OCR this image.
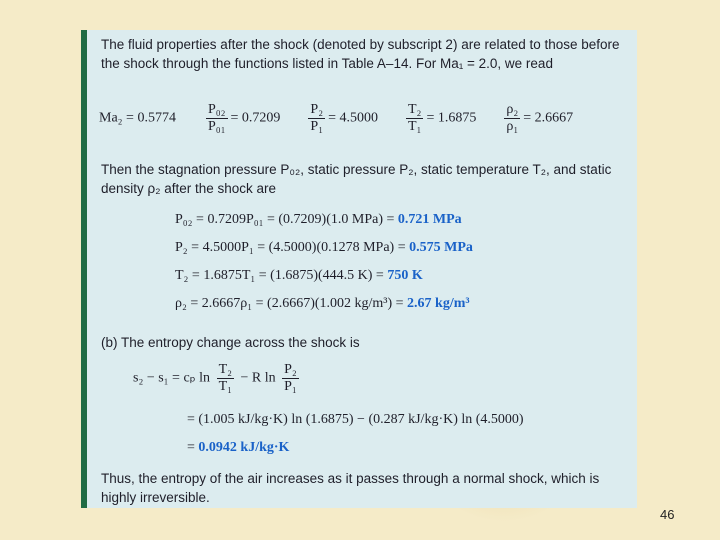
The fluid properties after the shock (denoted by subscript 2) are related to those before the shock through the functions listed in Table A–14. For Ma₁ = 2.0, we read
$Ma_2 = 0.5774 \frac{\text{P₀₂}}{\text{P₀₁}} = 0.7209 \frac{\text{P₂}}{\text{P₁}} = 4.5000 \frac{\text{T₂}}{\text{T₁}} = 1.6875 \frac{\text{ρ₂}}{\text{ρ₁}} = 2.6667$
Then the stagnation pressure P₀₂, static pressure P₂, static temperature T₂, and static density ρ₂ after the shock are
P₀₂ = 0.7209P₀₁ = (0.7209)(1.0 MPa) = 0.721 MPa
P₂ = 4.5000P₁ = (4.5000)(0.1278 MPa) = 0.575 MPa
T₂ = 1.6875T₁ = (1.6875)(444.5 K) = 750 K
ρ₂ = 2.6667ρ₁ = (2.6667)(1.002 kg/m³) = 2.67 kg/m³
(b) The entropy change across the shock is
s₂ − s₁ = cₚ $\ln \frac{\text{T₂}}{\text{T₁}} - R$ $\ln \frac{\text{P₂}}{\text{P₁}}$
= (1.005 kJ/kg·K) ln (1.6875) − (0.287 kJ/kg·K) ln (4.5000)
= 0.0942 kJ/kg·K
Thus, the entropy of the air increases as it passes through a normal shock, which is highly irreversible.
46
